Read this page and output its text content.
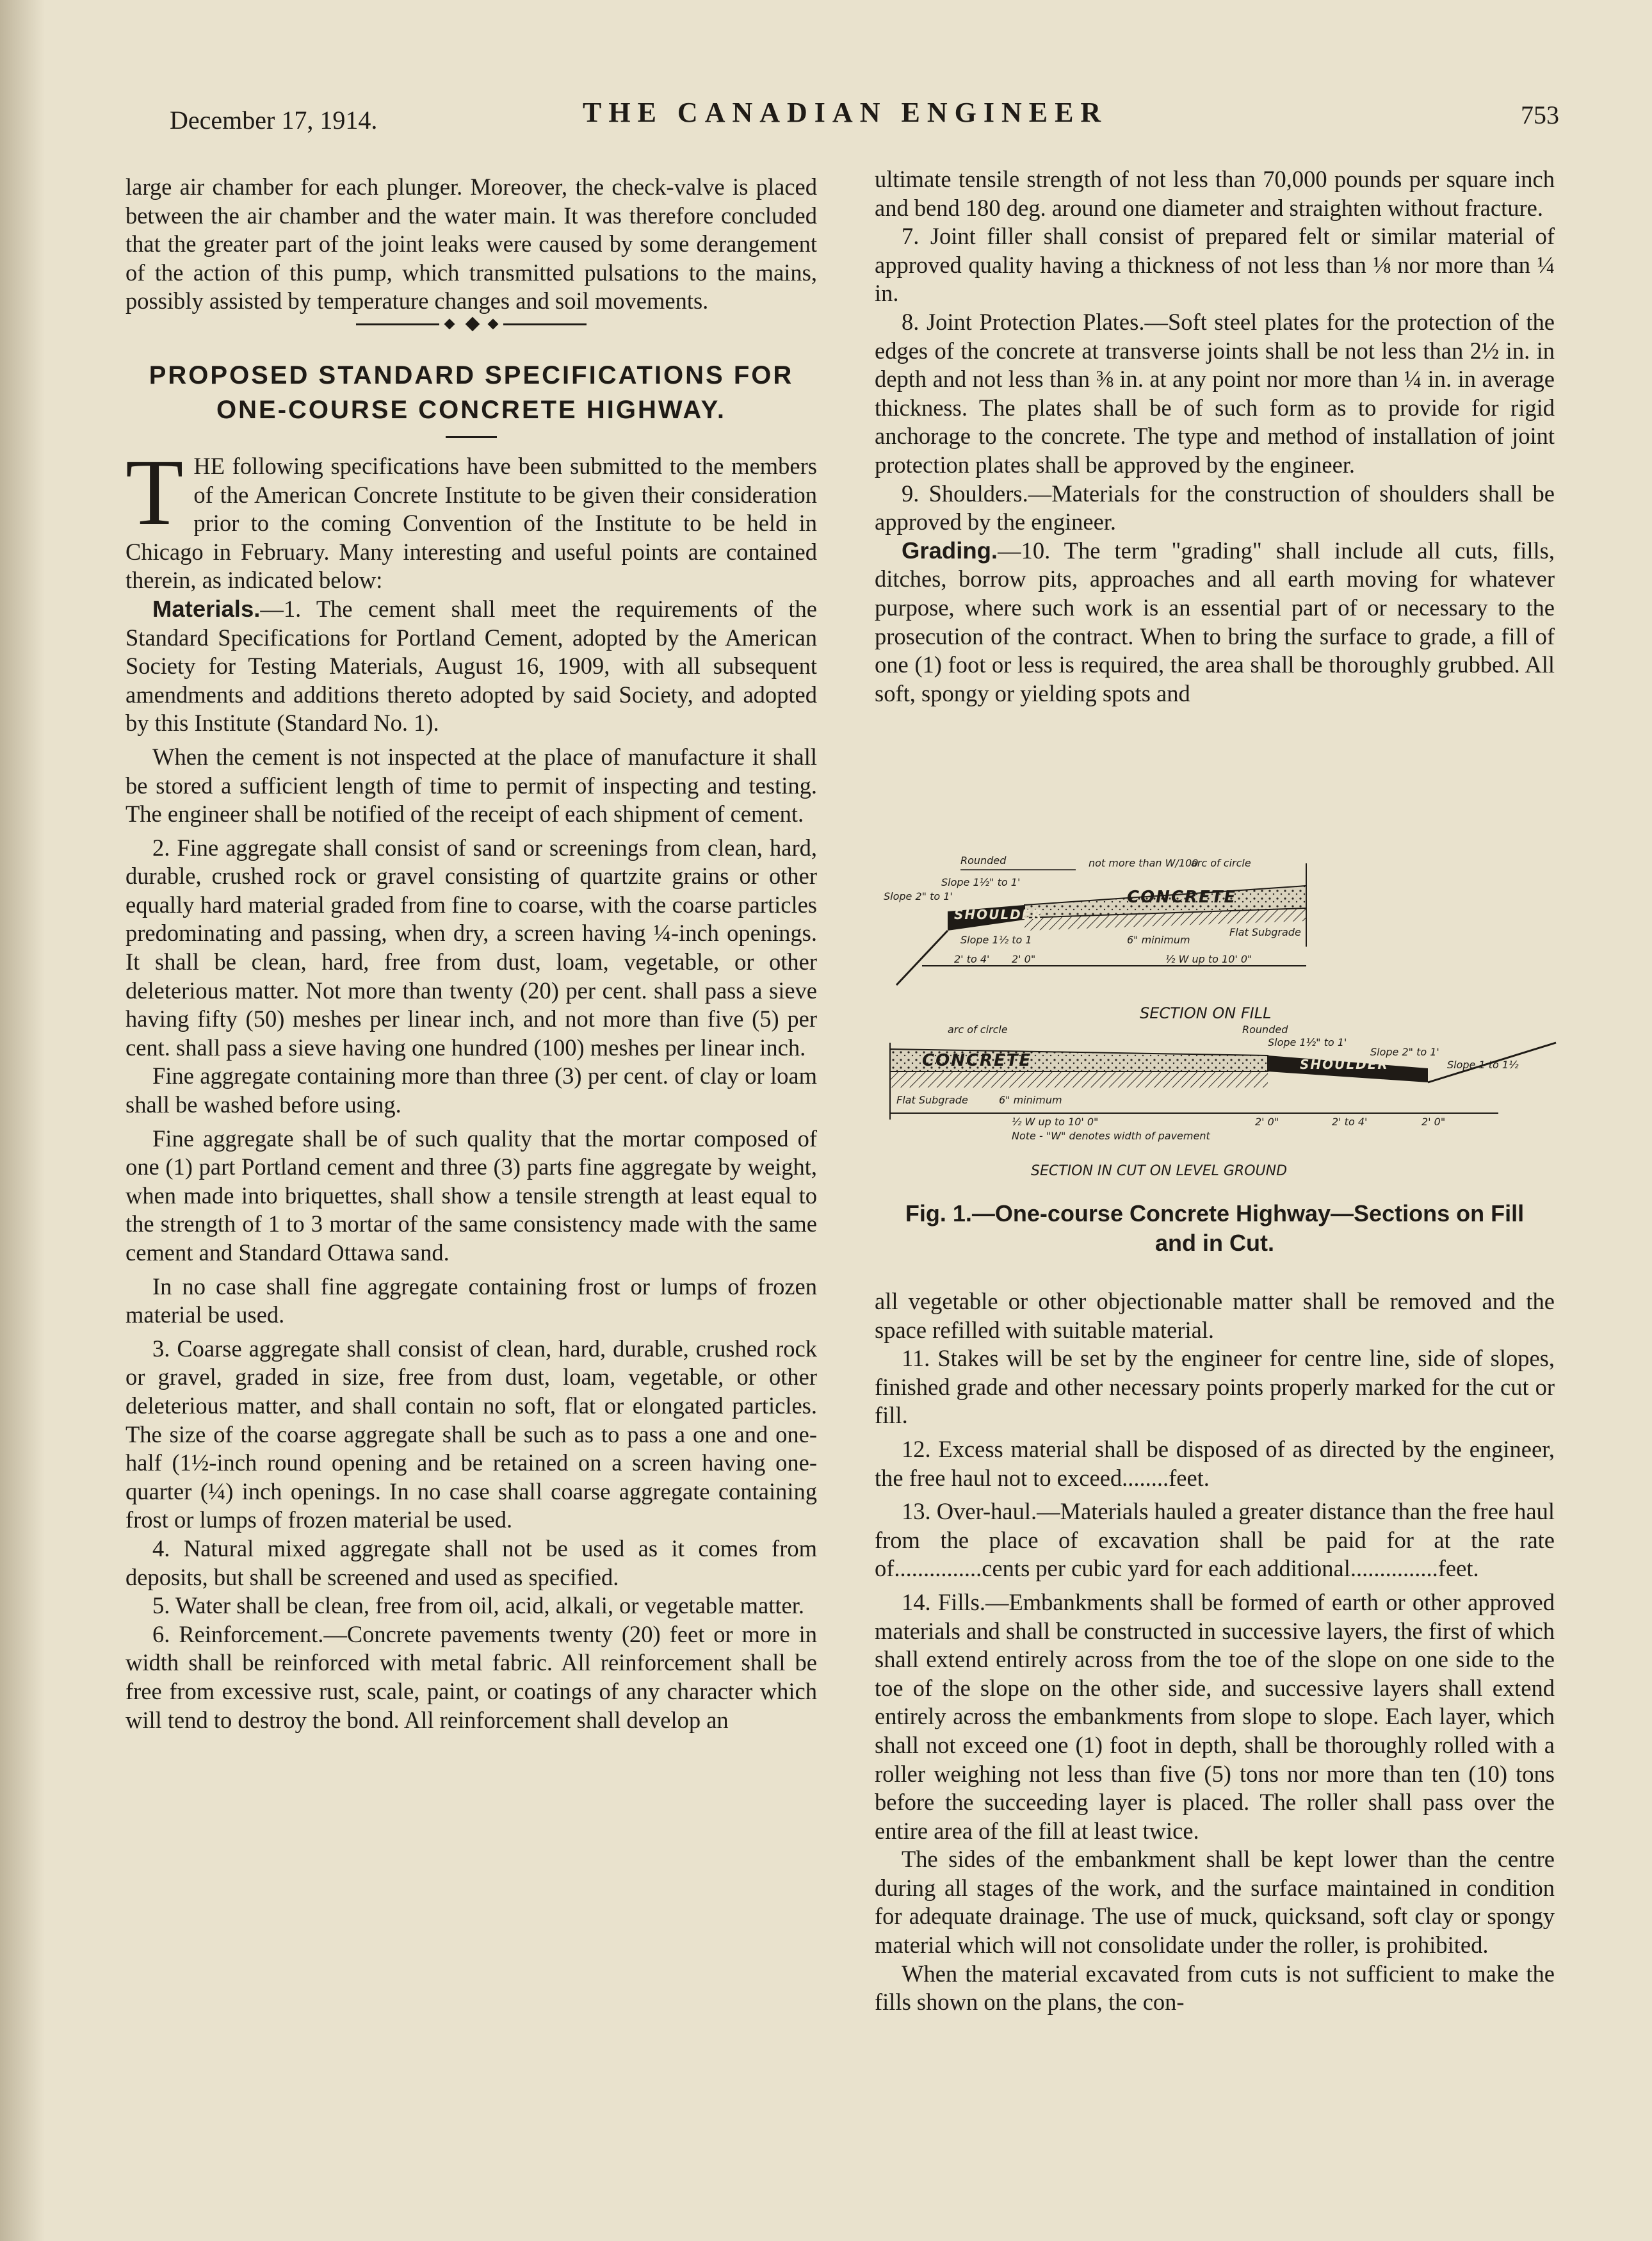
December 17, 1914.	THE CANADIAN ENGINEER	753

large air chamber for each plunger. Moreover, the check-valve is placed between the air chamber and the water main. It was therefore concluded that the greater part of the joint leaks were caused by some derangement of the action of this pump, which transmitted pulsations to the mains, possibly assisted by temperature changes and soil movements.

PROPOSED STANDARD SPECIFICATIONS FOR

ONE-COURSE CONCRETE HIGHWAY.

THE following specifications have been submitted to the members of the American Concrete Institute to be given their consideration prior to the coming Convention of the Institute to be held in Chicago in February. Many interesting and useful points are contained therein, as indicated below:

Materials.—1. The cement shall meet the requirements of the Standard Specifications for Portland Cement, adopted by the American Society for Testing Materials, August 16, 1909, with all subsequent amendments and additions thereto adopted by said Society, and adopted by this Institute (Standard No. 1).

When the cement is not inspected at the place of manufacture it shall be stored a sufficient length of time to permit of inspecting and testing. The engineer shall be notified of the receipt of each shipment of cement.

2. Fine aggregate shall consist of sand or screenings from clean, hard, durable, crushed rock or gravel consisting of quartzite grains or other equally hard material graded from fine to coarse, with the coarse particles predominating and passing, when dry, a screen having ¼-inch openings. It shall be clean, hard, free from dust, loam, vegetable, or other deleterious matter. Not more than twenty (20) per cent. shall pass a sieve having fifty (50) meshes per linear inch, and not more than five (5) per cent. shall pass a sieve having one hundred (100) meshes per linear inch.

Fine aggregate containing more than three (3) per cent. of clay or loam shall be washed before using.

Fine aggregate shall be of such quality that the mortar composed of one (1) part Portland cement and three (3) parts fine aggregate by weight, when made into briquettes, shall show a tensile strength at least equal to the strength of 1 to 3 mortar of the same consistency made with the same cement and Standard Ottawa sand.

In no case shall fine aggregate containing frost or lumps of frozen material be used.

3. Coarse aggregate shall consist of clean, hard, durable, crushed rock or gravel, graded in size, free from dust, loam, vegetable, or other deleterious matter, and shall contain no soft, flat or elongated particles. The size of the coarse aggregate shall be such as to pass a one and one-half (1½-inch round opening and be retained on a screen having one-quarter (¼) inch openings. In no case shall coarse aggregate containing frost or lumps of frozen material be used.

4. Natural mixed aggregate shall not be used as it comes from deposits, but shall be screened and used as specified.

5. Water shall be clean, free from oil, acid, alkali, or vegetable matter.

6. Reinforcement.—Concrete pavements twenty (20) feet or more in width shall be reinforced with metal fabric. All reinforcement shall be free from excessive rust, scale, paint, or coatings of any character which will tend to destroy the bond. All reinforcement shall develop an

ultimate tensile strength of not less than 70,000 pounds per square inch and bend 180 deg. around one diameter and straighten without fracture.

7. Joint filler shall consist of prepared felt or similar material of approved quality having a thickness of not less than ⅛ nor more than ¼ in.

8. Joint Protection Plates.—Soft steel plates for the protection of the edges of the concrete at transverse joints shall be not less than 2½ in. in depth and not less than ⅜ in. at any point nor more than ¼ in. in average thickness. The plates shall be of such form as to provide for rigid anchorage to the concrete. The type and method of installation of joint protection plates shall be approved by the engineer.

9. Shoulders.—Materials for the construction of shoulders shall be approved by the engineer.

Grading.—10. The term "grading" shall include all cuts, fills, ditches, borrow pits, approaches and all earth moving for whatever purpose, where such work is an essential part of or necessary to the prosecution of the contract. When to bring the surface to grade, a fill of one (1) foot or less is required, the area shall be thoroughly grubbed. All soft, spongy or yielding spots and

Rounded	not more than W/100
arc of circle
Slope 1½" to 1'
Slope 2" to 1'	CONCRETE
SHOULDER
Flat Subgrade
Slope 1½ to 1	6" minimum
2' to 4' 2' 0"	½ W up to 10' 0"
SECTION ON FILL
arc of circle	Rounded
Slope 1½" to 1'
Slope 2" to 1'
Slope 1 to 1½
CONCRETE	SHOULDER
Flat Subgrade	6" minimum
½ W up to 10' 0"	2' 0"	2' to 4'	2' 0"
Note - "W" denotes width of pavement
SECTION IN CUT ON LEVEL GROUND
Fig. 1.—One-course Concrete Highway—Sections on Fill
and in Cut.

all vegetable or other objectionable matter shall be removed and the space refilled with suitable material.

11. Stakes will be set by the engineer for centre line, side of slopes, finished grade and other necessary points properly marked for the cut or fill.

12. Excess material shall be disposed of as directed by the engineer, the free haul not to exceed........feet.

13. Over-haul.—Materials hauled a greater distance than the free haul from the place of excavation shall be paid for at the rate of...............cents per cubic yard for each additional...............feet.

14. Fills.—Embankments shall be formed of earth or other approved materials and shall be constructed in successive layers, the first of which shall extend entirely across from the toe of the slope on one side to the toe of the slope on the other side, and successive layers shall extend entirely across the embankments from slope to slope. Each layer, which shall not exceed one (1) foot in depth, shall be thoroughly rolled with a roller weighing not less than five (5) tons nor more than ten (10) tons before the succeeding layer is placed. The roller shall pass over the entire area of the fill at least twice.

The sides of the embankment shall be kept lower than the centre during all stages of the work, and the surface maintained in condition for adequate drainage. The use of muck, quicksand, soft clay or spongy material which will not consolidate under the roller, is prohibited.

When the material excavated from cuts is not sufficient to make the fills shown on the plans, the con-
